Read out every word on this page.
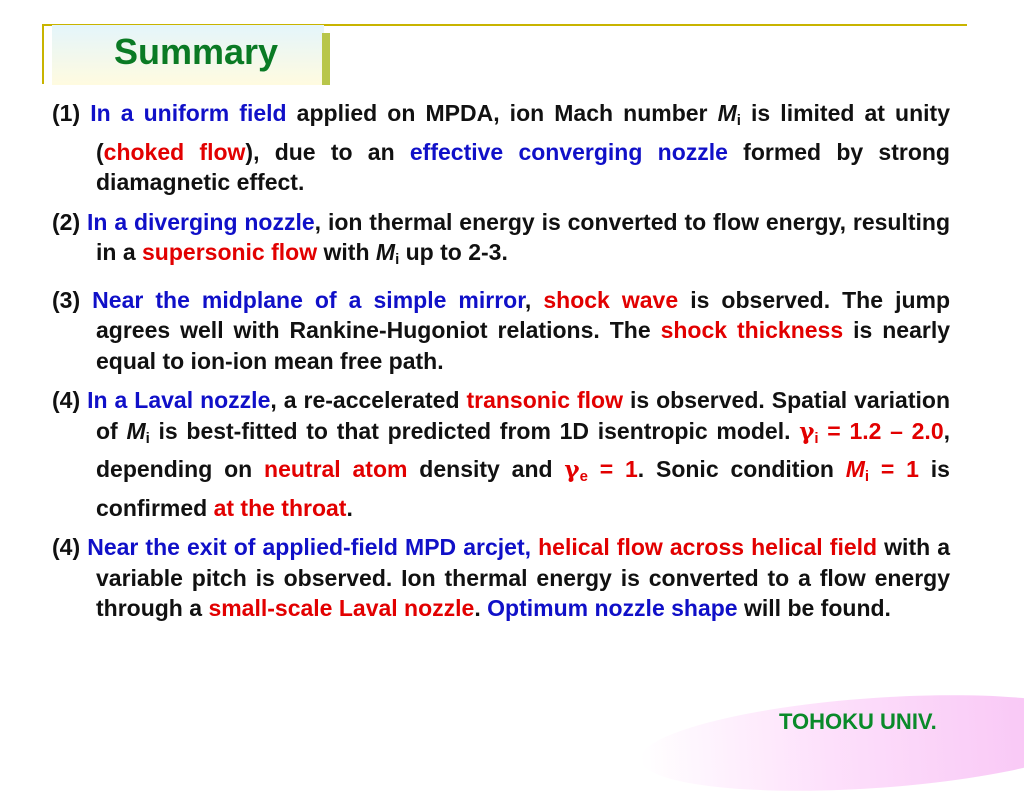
Summary

(1) In a uniform field applied on MPDA, ion Mach number $M_i$ is limited at unity (choked flow), due to an effective converging nozzle formed by strong diamagnetic effect.

(2) In a diverging nozzle, ion thermal energy is converted to flow energy, resulting in a supersonic flow with $M_i$ up to 2-3.

(3) Near the midplane of a simple mirror, shock wave is observed. The jump agrees well with Rankine-Hugoniot relations. The shock thickness is nearly equal to ion-ion mean free path.

(4) In a Laval nozzle, a re-accelerated transonic flow is observed. Spatial variation of $M_i$ is best-fitted to that predicted from 1D isentropic model. $\gamma_i = 1.2 - 2.0$, depending on neutral atom density and $\gamma_e = 1$. Sonic condition $M_i = 1$ is confirmed at the throat.

(4) Near the exit of applied-field MPD arcjet, helical flow across helical field with a variable pitch is observed. Ion thermal energy is converted to a flow energy through a small-scale Laval nozzle. Optimum nozzle shape will be found.

TOHOKU UNIV.
